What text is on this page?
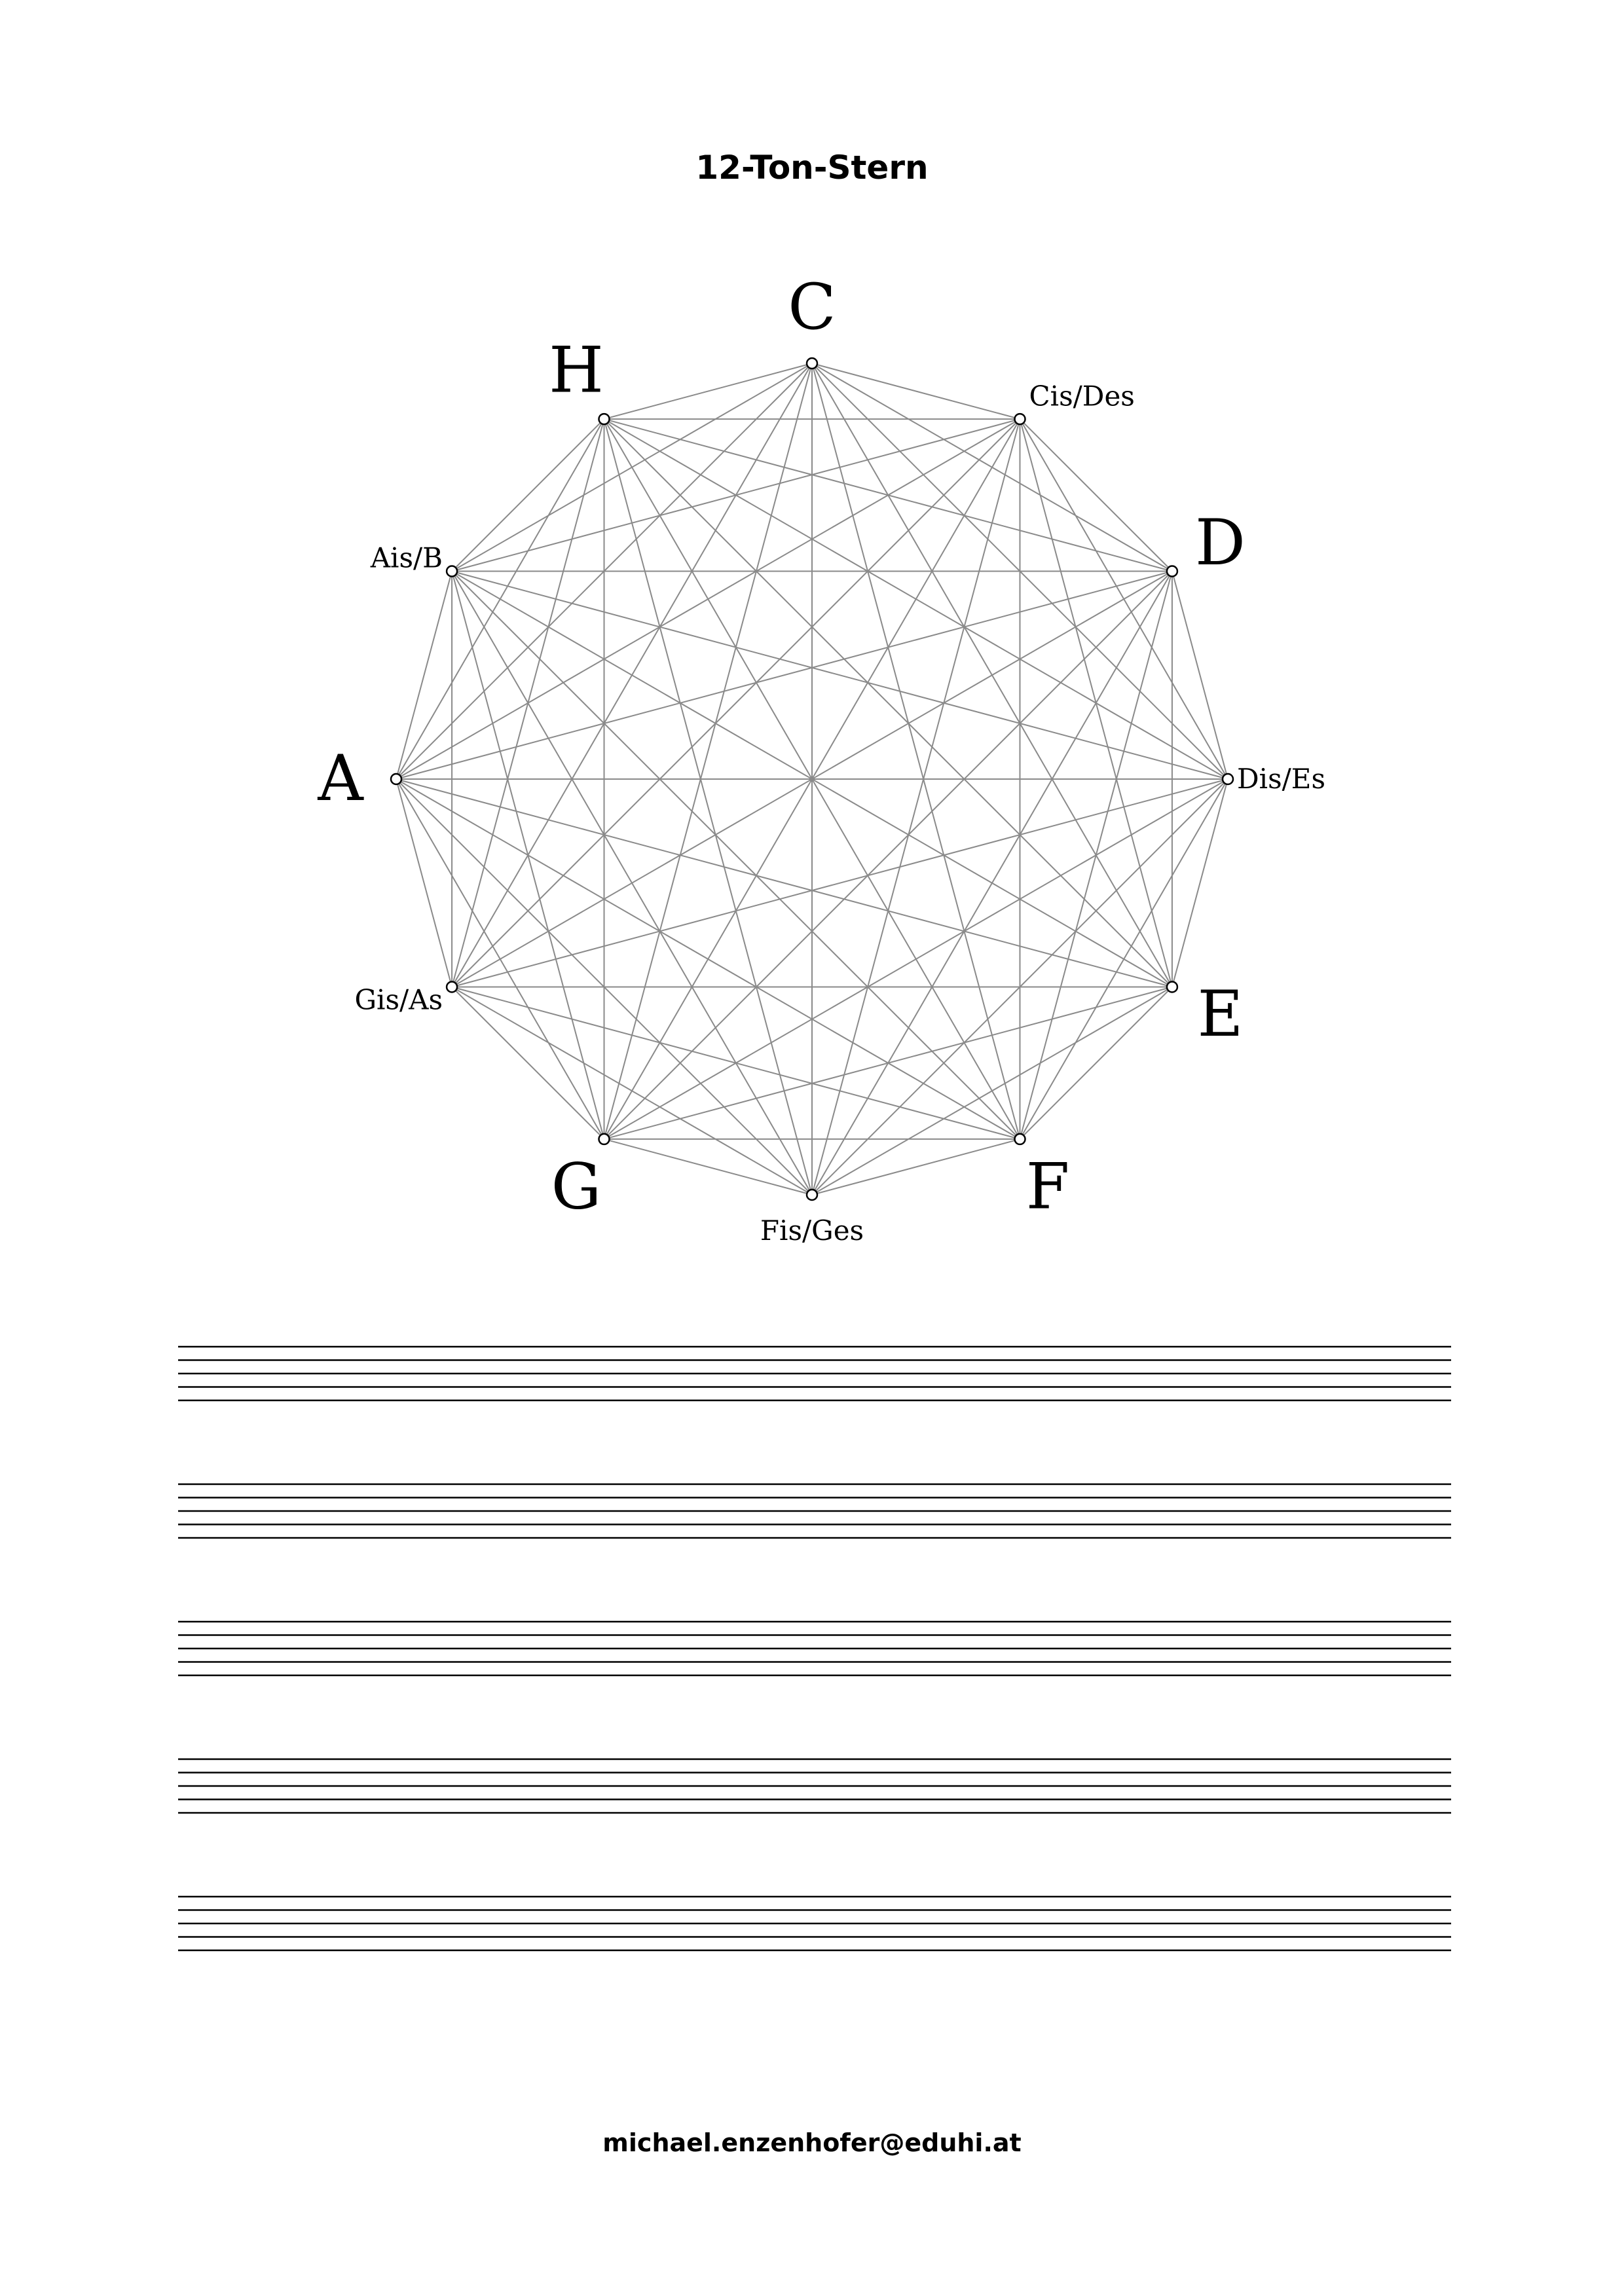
12-Ton-Stern
C
Cis/Des
D
Dis/Es
E
F
Fis/Ges
G
Gis/As
A
Ais/B
H
michael.enzenhofer@eduhi.at
